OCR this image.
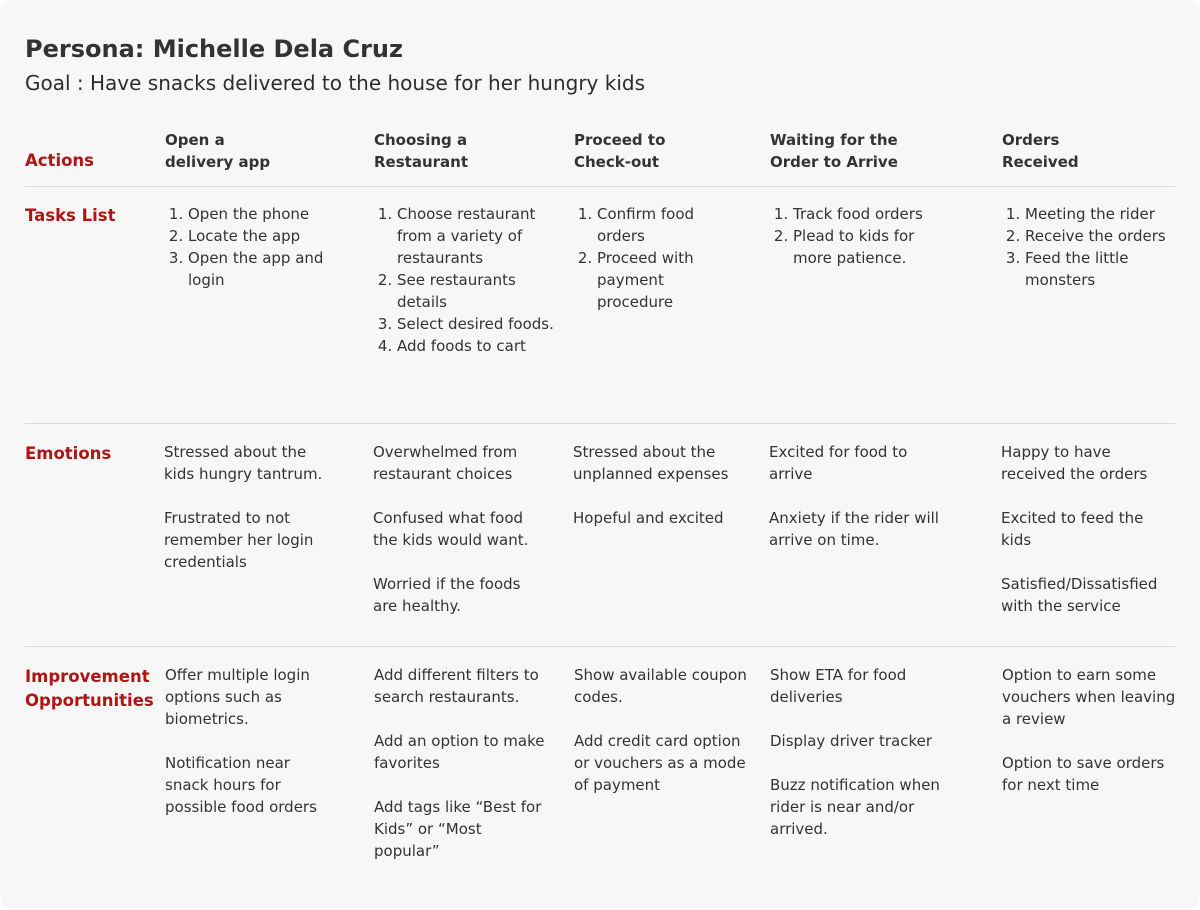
Persona: Michelle Dela Cruz
Goal : Have snacks delivered to the house for her hungry kids
Actions
Tasks List
Emotions
Improvement
Opportunities
Open a
delivery app
Choosing a
Restaurant
Proceed to
Check-out
Waiting for the
Order to Arrive
Orders
Received
1. Open the phone
2. Locate the app
3. Open the app and login
1. Choose restaurant from a variety of restaurants
2. See restaurants details
3. Select desired foods.
4. Add foods to cart
1. Confirm food orders
2. Proceed with payment procedure
1. Track food orders
2. Plead to kids for more patience.
1. Meeting the rider
2. Receive the orders
3. Feed the little monsters

Stressed about the kids hungry tantrum.

Frustrated to not remember her login credentials

Overwhelmed from restaurant choices

Confused what food the kids would want.

Worried if the foods are healthy.

Stressed about the unplanned expenses

Hopeful and excited

Excited for food to arrive

Anxiety if the rider will arrive on time.

Happy to have received the orders

Excited to feed the kids

Satisfied/Dissatisfied with the service

Offer multiple login options such as biometrics.

Notification near snack hours for possible food orders

Add different filters to search restaurants.

Add an option to make favorites

Add tags like “Best for Kids” or “Most popular”

Show available coupon codes.

Add credit card option or vouchers as a mode of payment

Show ETA for food deliveries

Display driver tracker

Buzz notification when rider is near and/or arrived.

Option to earn some vouchers when leaving a review

Option to save orders for next time
